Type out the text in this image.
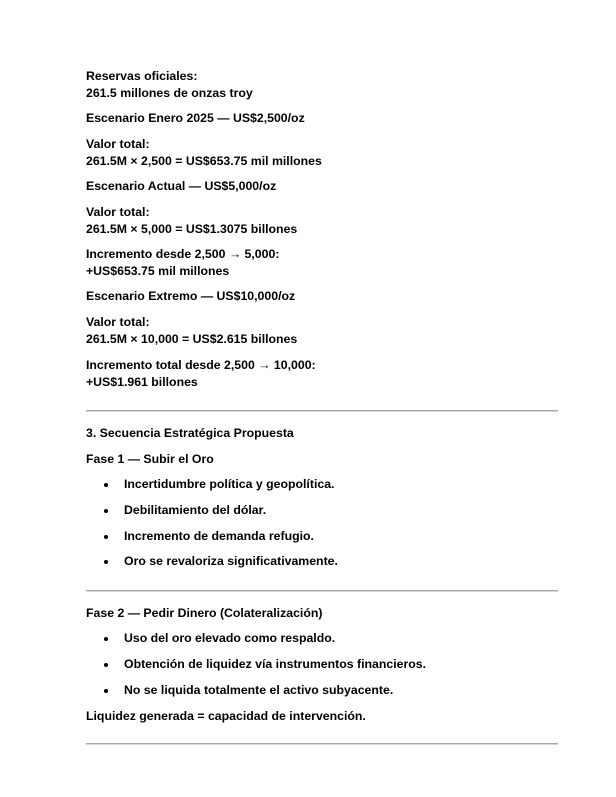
Reservas oficiales:
261.5 millones de onzas troy
Escenario Enero 2025 — US$2,500/oz
Valor total:
261.5M × 2,500 = US$653.75 mil millones
Escenario Actual — US$5,000/oz
Valor total:
261.5M × 5,000 = US$1.3075 billones
Incremento desde 2,500 → 5,000:
+US$653.75 mil millones
Escenario Extremo — US$10,000/oz
Valor total:
261.5M × 10,000 = US$2.615 billones
Incremento total desde 2,500 → 10,000:
+US$1.961 billones
3. Secuencia Estratégica Propuesta
Fase 1 — Subir el Oro
Incertidumbre política y geopolítica.
Debilitamiento del dólar.
Incremento de demanda refugio.
Oro se revaloriza significativamente.
Fase 2 — Pedir Dinero (Colateralización)
Uso del oro elevado como respaldo.
Obtención de liquidez vía instrumentos financieros.
No se liquida totalmente el activo subyacente.
Liquidez generada = capacidad de intervención.
